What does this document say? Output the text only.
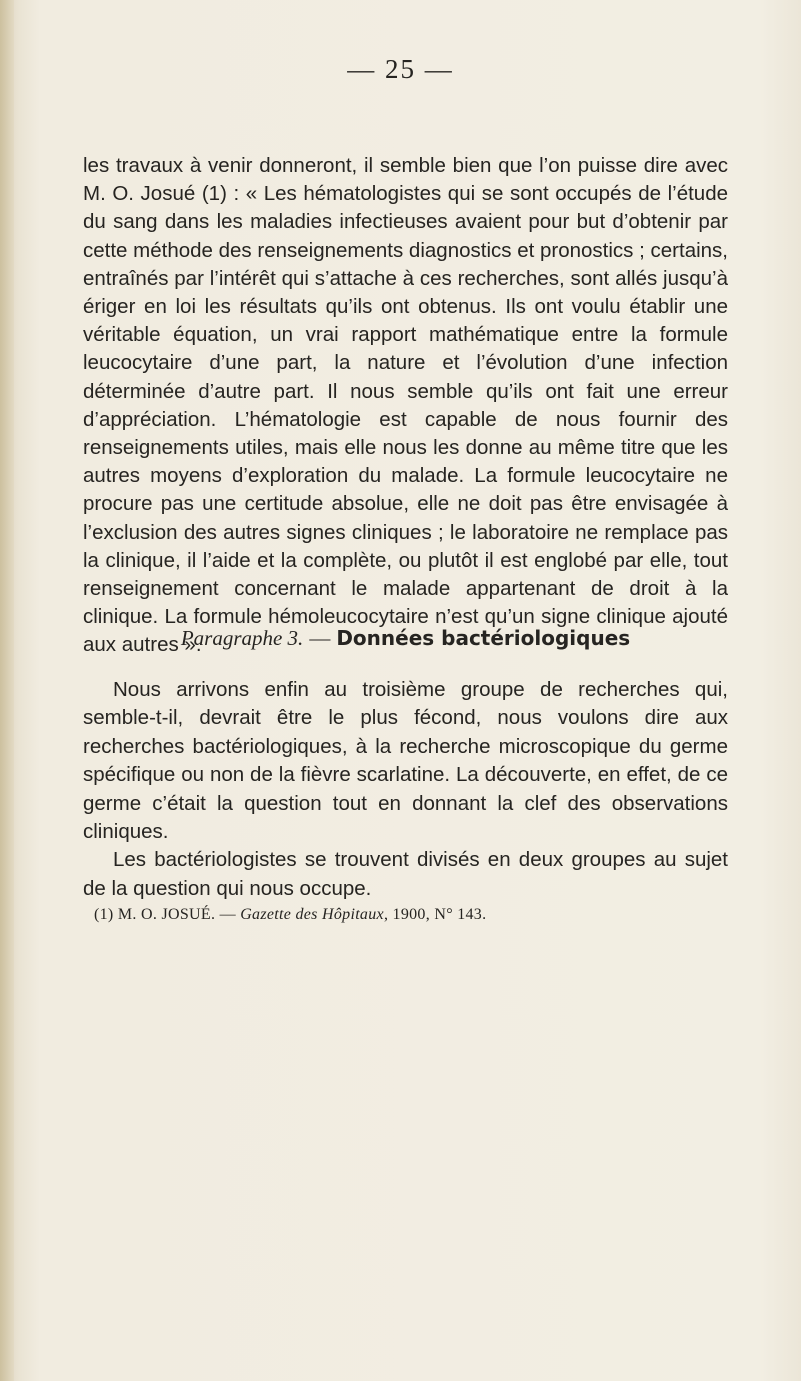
— 25 —

les travaux à venir donneront, il semble bien que l’on puisse dire avec M. O. Josué (1) : « Les hématologistes qui se sont occupés de l’étude du sang dans les maladies infectieuses avaient pour but d’obtenir par cette méthode des renseignements diagnostics et pronostics ; certains, entraînés par l’intérêt qui s’attache à ces recherches, sont allés jusqu’à ériger en loi les résultats qu’ils ont obtenus. Ils ont voulu établir une véritable équation, un vrai rapport mathématique entre la formule leucocytaire d’une part, la nature et l’évolution d’une infection déterminée d’autre part. Il nous semble qu’ils ont fait une erreur d’appréciation. L’hématologie est capable de nous fournir des renseignements utiles, mais elle nous les donne au même titre que les autres moyens d’exploration du malade. La formule leucocytaire ne procure pas une certitude absolue, elle ne doit pas être envisagée à l’exclusion des autres signes cliniques ; le laboratoire ne remplace pas la clinique, il l’aide et la complète, ou plutôt il est englobé par elle, tout renseignement concernant le malade appartenant de droit à la clinique. La formule hémoleucocytaire n’est qu’un signe clinique ajouté aux autres ».

Paragraphe 3. — Données bactériologiques

Nous arrivons enfin au troisième groupe de recherches qui, semble-t-il, devrait être le plus fécond, nous voulons dire aux recherches bactériologiques, à la recherche microscopique du germe spécifique ou non de la fièvre scarlatine. La découverte, en effet, de ce germe c’était la question tout en donnant la clef des observations cliniques.

Les bactériologistes se trouvent divisés en deux groupes au sujet de la question qui nous occupe.

(1) M. O. JOSUÉ. — Gazette des Hôpitaux, 1900, N° 143.
